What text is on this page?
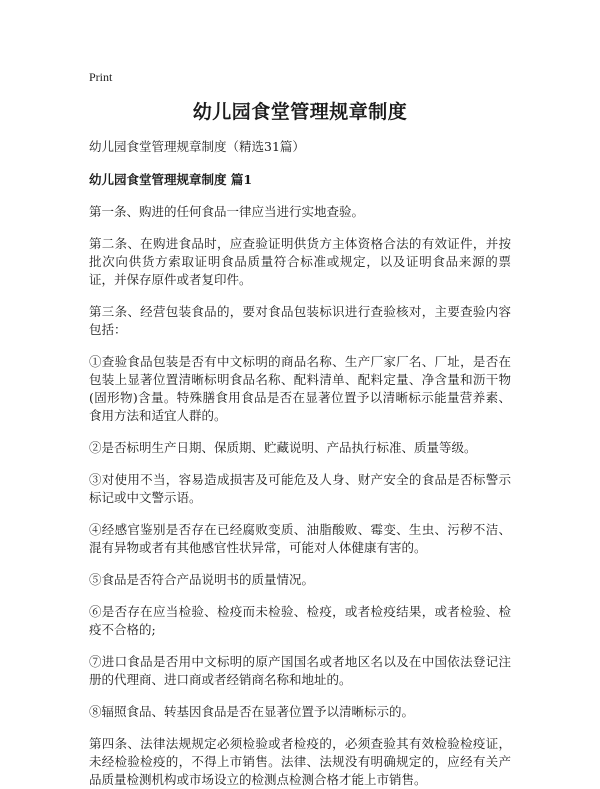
Print
幼儿园食堂管理规章制度
幼儿园食堂管理规章制度（精选31篇）
幼儿园食堂管理规章制度 篇1

第一条、购进的任何食品一律应当进行实地查验。

第二条、在购进食品时，应查验证明供货方主体资格合法的有效证件，并按批次向供货方索取证明食品质量符合标准或规定，以及证明食品来源的票证，并保存原件或者复印件。

第三条、经营包装食品的，要对食品包装标识进行查验核对，主要查验内容包括：

①查验食品包装是否有中文标明的商品名称、生产厂家厂名、厂址，是否在包装上显著位置清晰标明食品名称、配料清单、配料定量、净含量和沥干物(固形物)含量。特殊膳食用食品是否在显著位置予以清晰标示能量营养素、食用方法和适宜人群的。

②是否标明生产日期、保质期、贮藏说明、产品执行标准、质量等级。

③对使用不当，容易造成损害及可能危及人身、财产安全的食品是否标警示标记或中文警示语。

④经感官鉴别是否存在已经腐败变质、油脂酸败、霉变、生虫、污秽不洁、混有异物或者有其他感官性状异常，可能对人体健康有害的。

⑤食品是否符合产品说明书的质量情况。

⑥是否存在应当检验、检疫而未检验、检疫，或者检疫结果，或者检验、检疫不合格的;

⑦进口食品是否用中文标明的原产国国名或者地区名以及在中国依法登记注册的代理商、进口商或者经销商名称和地址的。

⑧辐照食品、转基因食品是否在显著位置予以清晰标示的。

第四条、法律法规规定必须检验或者检疫的，必须查验其有效检验检疫证，未经检验检疫的，不得上市销售。法律、法规没有明确规定的，应经有关产品质量检测机构或市场设立的检测点检测合格才能上市销售。
